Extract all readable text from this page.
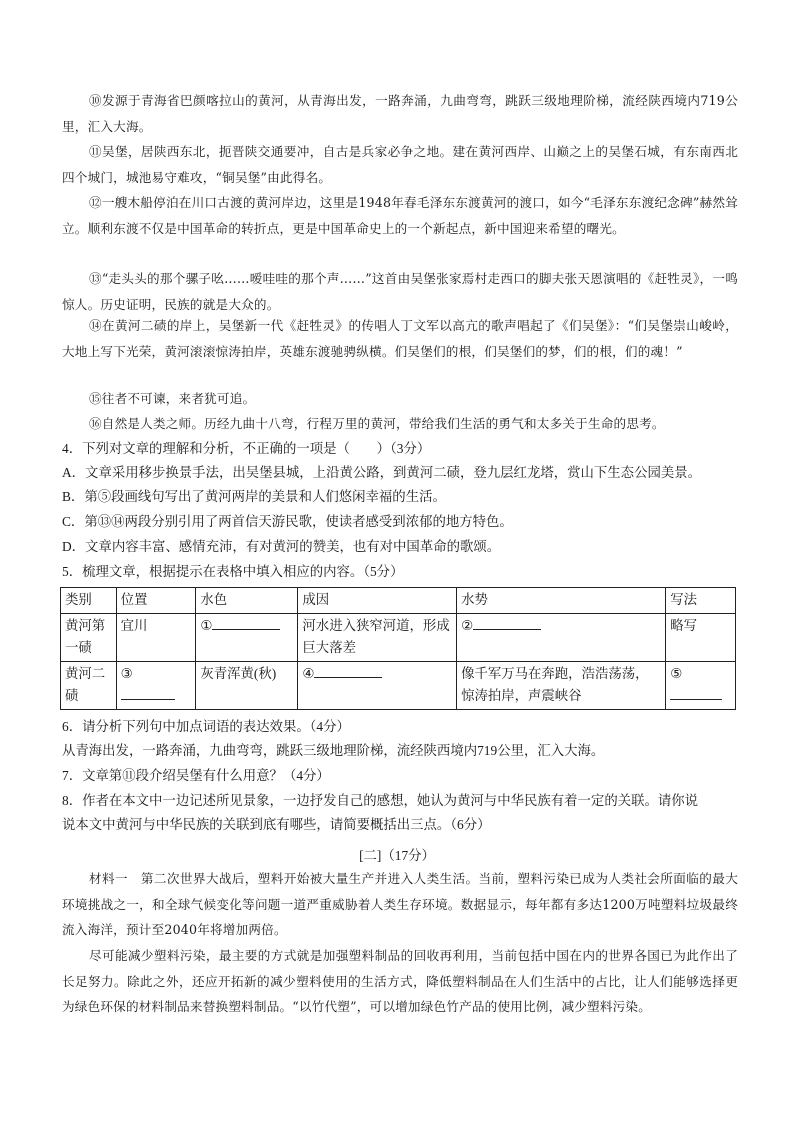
⑩发源于青海省巴颜喀拉山的黄河，从青海出发，一路奔涌，九曲弯弯，跳跃三级地理阶梯，流经陕西境内719公里，汇入大海。

⑪吴堡，居陕西东北，扼晋陕交通要冲，自古是兵家必争之地。建在黄河西岸、山巅之上的吴堡石城，有东南西北四个城门，城池易守难攻，“铜吴堡”由此得名。

⑫一艘木船停泊在川口古渡的黄河岸边，这里是1948年春毛泽东东渡黄河的渡口，如今“毛泽东东渡纪念碑”赫然耸立。顺利东渡不仅是中国革命的转折点，更是中国革命史上的一个新起点，新中国迎来希望的曙光。

⑬“走头头的那个骡子吆……嗳哇哇的那个声……”这首由吴堡张家焉村走西口的脚夫张天恩演唱的《赶牲灵》，一鸣惊人。历史证明，民族的就是大众的。

⑭在黄河二碛的岸上，吴堡新一代《赶牲灵》的传唱人丁文军以高亢的歌声唱起了《们吴堡》：“们吴堡崇山峻岭，大地上写下光荣，黄河滚滚惊涛拍岸，英雄东渡驰骋纵横。们吴堡们的根，们吴堡们的梦，们的根，们的魂！”

⑮往者不可谏，来者犹可追。

⑯自然是人类之师。历经九曲十八弯，行程万里的黄河，带给我们生活的勇气和太多关于生命的思考。

4．下列对文章的理解和分析，不正确的一项是（　　）（3分）

A．文章采用移步换景手法，出吴堡县城，上沿黄公路，到黄河二碛，登九层红龙塔，赏山下生态公园美景。

B．第⑤段画线句写出了黄河两岸的美景和人们悠闲幸福的生活。

C．第⑬⑭两段分别引用了两首信天游民歌，使读者感受到浓郁的地方特色。

D．文章内容丰富、感情充沛，有对黄河的赞美，也有对中国革命的歌颂。

5．梳理文章，根据提示在表格中填入相应的内容。（5分）

类别	位置	水色	成因	水势	写法
黄河第一碛	宜川	①	河水进入狭窄河道，形成巨大落差	②	略写
黄河二碛	③	灰青浑黄(秋)	④	像千军万马在奔跑，浩浩荡荡，惊涛拍岸，声震峡谷	⑤

6．请分析下列句中加点词语的表达效果。（4分）

从青海出发，一路奔涌，九曲弯弯，跳跃三级地理阶梯，流经陕西境内719公里，汇入大海。

7．文章第⑪段介绍吴堡有什么用意？（4分）

8．作者在本文中一边记述所见景象，一边抒发自己的感想，她认为黄河与中华民族有着一定的关联。请你说

说本文中黄河与中华民族的关联到底有哪些，请简要概括出三点。（6分）

[二]（17分）

材料一　第二次世界大战后，塑料开始被大量生产并进入人类生活。当前，塑料污染已成为人类社会所面临的最大环境挑战之一，和全球气候变化等问题一道严重威胁着人类生存环境。数据显示，每年都有多达1200万吨塑料垃圾最终流入海洋，预计至2040年将增加两倍。

尽可能减少塑料污染，最主要的方式就是加强塑料制品的回收再利用，当前包括中国在内的世界各国已为此作出了长足努力。除此之外，还应开拓新的减少塑料使用的生活方式，降低塑料制品在人们生活中的占比，让人们能够选择更为绿色环保的材料制品来替换塑料制品。“以竹代塑”，可以增加绿色竹产品的使用比例，减少塑料污染。
